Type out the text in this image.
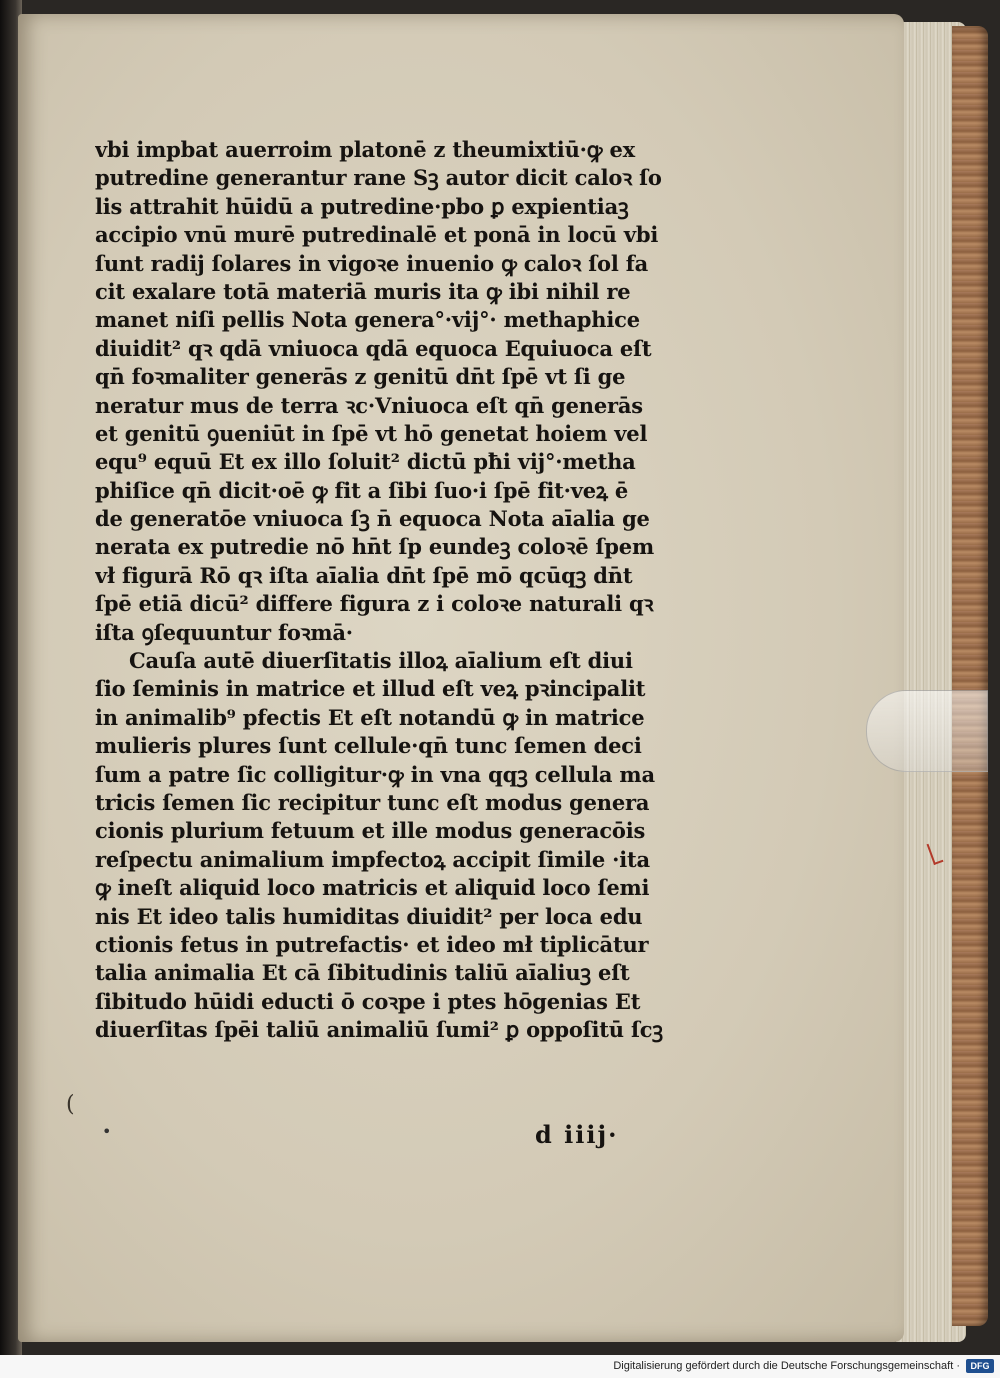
(
•
vbi impbat auerroim platonē z theumixtiū·ꝙ ex
putredine generantur rane Sꝫ autor dicit caloꝛ ſo
lis attrahit hūidū a putredine·pbo ꝑ expientiaꝫ
accipio vnū murē putredinalē et ponā in locū vbi
ſunt radij ſolares in vigoꝛe inuenio ꝙ caloꝛ ſol fa
cit exalare totā materiā muris ita ꝙ ibi nihil re
manet niſi pellis Nota genera°·vij°· methaphice
diuidit² qꝛ qdā vniuoca qdā equoca Equiuoca eſt
qn̄ foꝛmaliter generās z genitū dn̄t ſpē vt ſi ge
neratur mus de terra ꝛc·Vniuoca eſt qn̄ generās
et genitū ꝯueniūt in ſpē vt hō genetat hoiem vel
equ⁹ equū Et ex illo ſoluit² dictū pħi vij°·metha
phiſice qn̄ dicit·oē ꝙ fit a ſibi ſuo·i ſpē fit·veꝝ ē
de generatōe vniuoca ſꝫ n̄ equoca Nota aīalia ge
nerata ex putredie nō hn̄t ſp eundeꝫ coloꝛē ſpem
vł figurā Rō qꝛ iſta aīalia dn̄t ſpē mō qcūqꝫ dn̄t
ſpē etiā dicū² differe figura z i coloꝛe naturali qꝛ
iſta ꝯſequuntur foꝛmā·
Cauſa autē diuerſitatis illoꝝ aīalium eſt diui
ſio ſeminis in matrice et illud eſt veꝝ pꝛincipalit
in animalib⁹ pfectis Et eſt notandū ꝙ in matrice
mulieris plures ſunt cellule·qn̄ tunc ſemen deci
ſum a patre ſic colligitur·ꝙ in vna qqꝫ cellula ma
tricis ſemen ſic recipitur tunc eſt modus genera
cionis plurium fetuum et ille modus generacōis
reſpectu animalium impfectoꝝ accipit ſimile ·ita
ꝙ ineſt aliquid loco matricis et aliquid loco ſemi
nis Et ideo talis humiditas diuidit² per loca edu
ctionis fetus in putrefactis· et ideo mł tiplicātur
talia animalia Et cā ſibitudinis taliū aīaliuꝫ eſt
ſibitudo hūidi educti ō coꝛpe i ptes hōgenias Et
diuerſitas ſpēi taliū animaliū ſumi² ꝑ oppoſitū ſcꝫ
d iiij·
Digitalisierung gefördert durch die Deutsche Forschungsgemeinschaft ·	DFG
